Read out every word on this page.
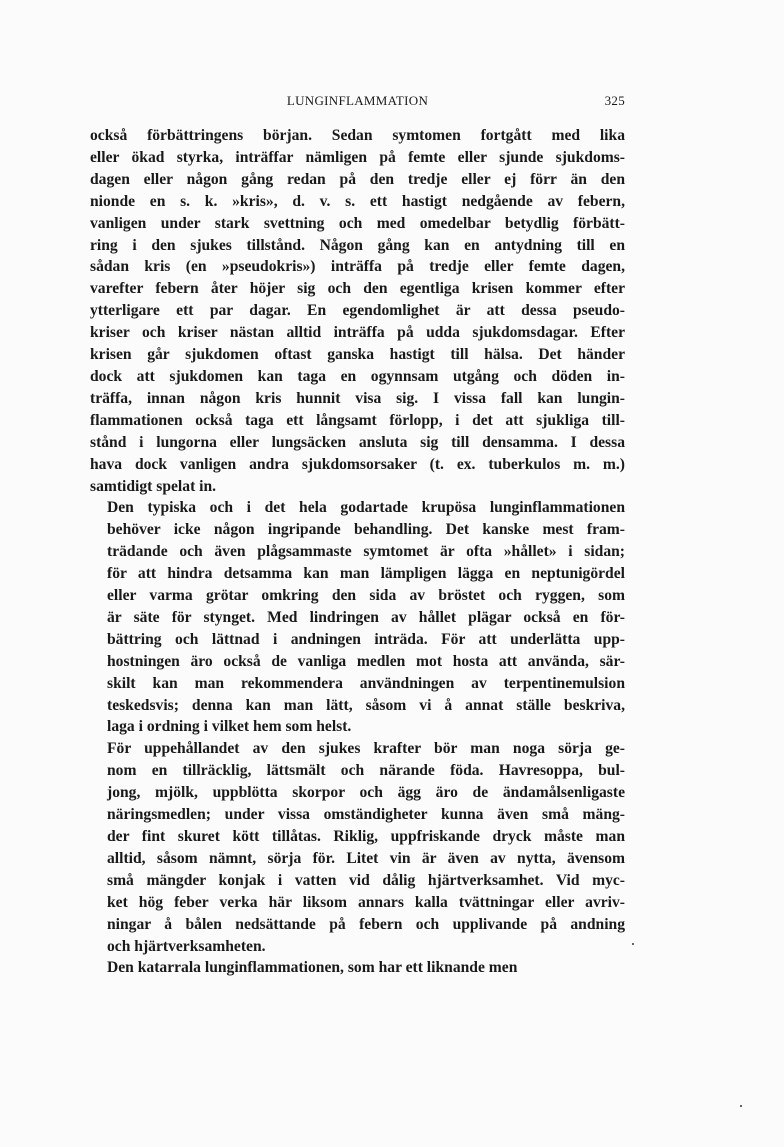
LUNGINFLAMMATION	325
också förbättringens början. Sedan symtomen fortgått med lika
eller ökad styrka, inträffar nämligen på femte eller sjunde sjukdoms-
dagen eller någon gång redan på den tredje eller ej förr än den
nionde en s. k. »kris», d. v. s. ett hastigt nedgående av febern,
vanligen under stark svettning och med omedelbar betydlig förbätt-
ring i den sjukes tillstånd. Någon gång kan en antydning till en
sådan kris (en »pseudokris») inträffa på tredje eller femte dagen,
varefter febern åter höjer sig och den egentliga krisen kommer efter
ytterligare ett par dagar. En egendomlighet är att dessa pseudo-
kriser och kriser nästan alltid inträffa på udda sjukdomsdagar. Efter
krisen går sjukdomen oftast ganska hastigt till hälsa. Det händer
dock att sjukdomen kan taga en ogynnsam utgång och döden in-
träffa, innan någon kris hunnit visa sig. I vissa fall kan lungin-
flammationen också taga ett långsamt förlopp, i det att sjukliga till-
stånd i lungorna eller lungsäcken ansluta sig till densamma. I dessa
hava dock vanligen andra sjukdomsorsaker (t. ex. tuberkulos m. m.)
samtidigt spelat in.
Den typiska och i det hela godartade krupösa lunginflammationen
behöver icke någon ingripande behandling. Det kanske mest fram-
trädande och även plågsammaste symtomet är ofta »hållet» i sidan;
för att hindra detsamma kan man lämpligen lägga en neptunigördel
eller varma grötar omkring den sida av bröstet och ryggen, som
är säte för stynget. Med lindringen av hållet plägar också en för-
bättring och lättnad i andningen inträda. För att underlätta upp-
hostningen äro också de vanliga medlen mot hosta att använda, sär-
skilt kan man rekommendera användningen av terpentinemulsion
teskedsvis; denna kan man lätt, såsom vi å annat ställe beskriva,
laga i ordning i vilket hem som helst.
För uppehållandet av den sjukes krafter bör man noga sörja ge-
nom en tillräcklig, lättsmält och närande föda. Havresoppa, bul-
jong, mjölk, uppblötta skorpor och ägg äro de ändamålsenligaste
näringsmedlen; under vissa omständigheter kunna även små mäng-
der fint skuret kött tillåtas. Riklig, uppfriskande dryck måste man
alltid, såsom nämnt, sörja för. Litet vin är även av nytta, ävensom
små mängder konjak i vatten vid dålig hjärtverksamhet. Vid myc-
ket hög feber verka här liksom annars kalla tvättningar eller avriv-
ningar å bålen nedsättande på febern och upplivande på andning
och hjärtverksamheten.
Den katarrala lunginflammationen, som har ett liknande men
